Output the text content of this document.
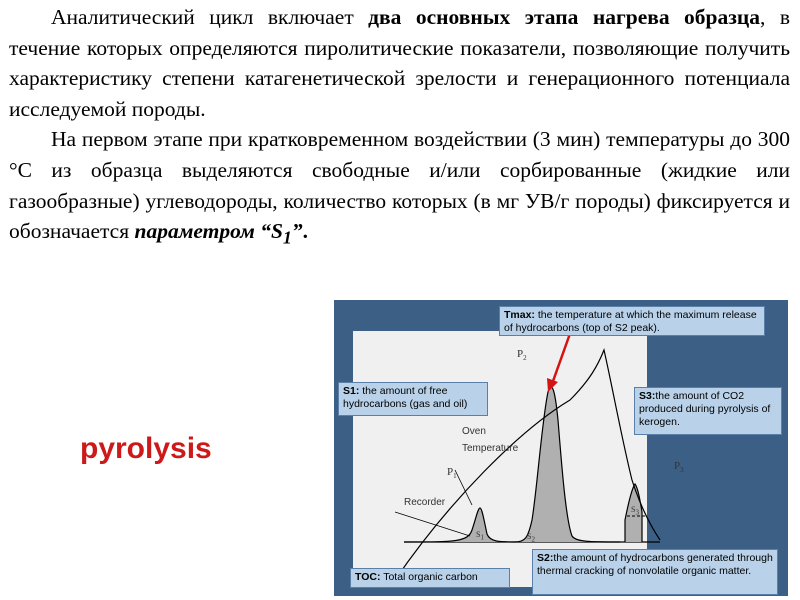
Аналитический цикл включает два основных этапа нагрева образца, в течение которых определяются пиролитические показатели, позволяющие получить характеристику степени катагенетической зрелости и генерационного потенциала исследуемой породы.

На первом этапе при кратковременном воздействии (3 мин) температуры до 300 °С из образца выделяются свободные и/или сорбированные (жидкие или газообразные) углеводороды, количество которых (в мг УВ/г породы) фиксируется и обозначается параметром “$S_1$”.

pyrolysis
Tmax: the temperature at which the maximum release of hydrocarbons (top of S2 peak).
S1: the amount of free hydrocarbons (gas and oil)
S3:the amount of CO2 produced during pyrolysis of kerogen.
S2:the amount of hydrocarbons generated through thermal cracking of nonvolatile organic matter.
TOC: Total organic carbon
Oven
Temperature
Recorder
$P_1$
$P_2$
$P_3$
$S_1$	$S_2$
$S_3$
